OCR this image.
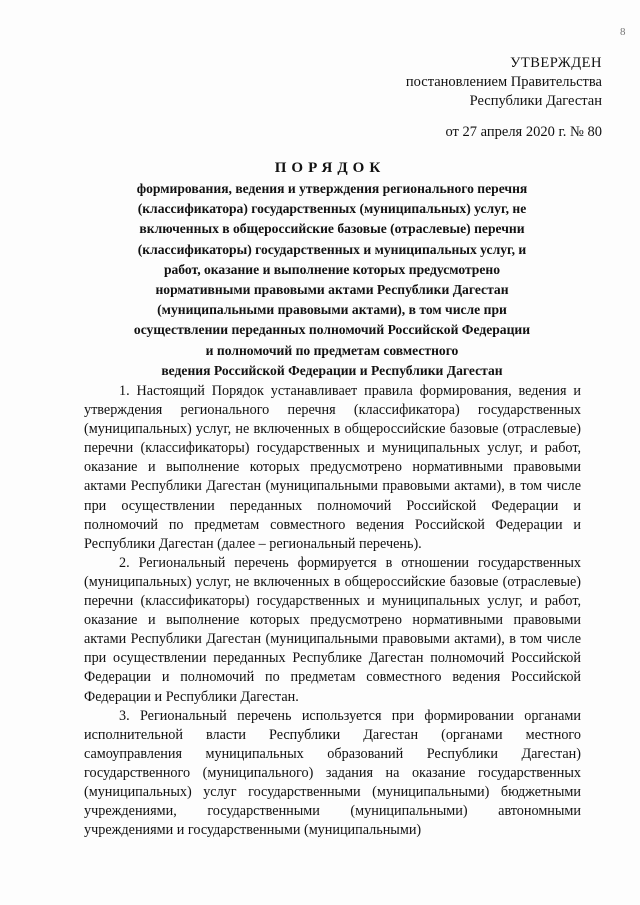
8
УТВЕРЖДЕН
постановлением Правительства
Республики Дагестан
от 27 апреля 2020 г. № 80
ПОРЯДОК
формирования, ведения и утверждения регионального перечня
(классификатора) государственных (муниципальных) услуг, не
включенных в общероссийские базовые (отраслевые) перечни
(классификаторы) государственных и муниципальных услуг, и
работ, оказание и выполнение которых предусмотрено
нормативными правовыми актами Республики Дагестан
(муниципальными правовыми актами), в том числе при
осуществлении переданных полномочий Российской Федерации
и полномочий по предметам совместного
ведения Российской Федерации и Республики Дагестан

1. Настоящий Порядок устанавливает правила формирования, ведения и утверждения регионального перечня (классификатора) государственных (муниципальных) услуг, не включенных в общероссийские базовые (отраслевые) перечни (классификаторы) государственных и муниципальных услуг, и работ, оказание и выполнение которых предусмотрено нормативными правовыми актами Республики Дагестан (муниципальными правовыми актами), в том числе при осуществлении переданных полномочий Российской Федерации и полномочий по предметам совместного ведения Российской Федерации и Республики Дагестан (далее – региональный перечень).

2. Региональный перечень формируется в отношении государственных (муниципальных) услуг, не включенных в общероссийские базовые (отраслевые) перечни (классификаторы) государственных и муниципальных услуг, и работ, оказание и выполнение которых предусмотрено нормативными правовыми актами Республики Дагестан (муниципальными правовыми актами), в том числе при осуществлении переданных Республике Дагестан полномочий Российской Федерации и полномочий по предметам совместного ведения Российской Федерации и Республики Дагестан.

3. Региональный перечень используется при формировании органами исполнительной власти Республики Дагестан (органами местного самоуправления муниципальных образований Республики Дагестан) государственного (муниципального) задания на оказание государственных (муниципальных) услуг государственными (муниципальными) бюджетными учреждениями, государственными (муниципальными) автономными учреждениями и государственными (муниципальными)
